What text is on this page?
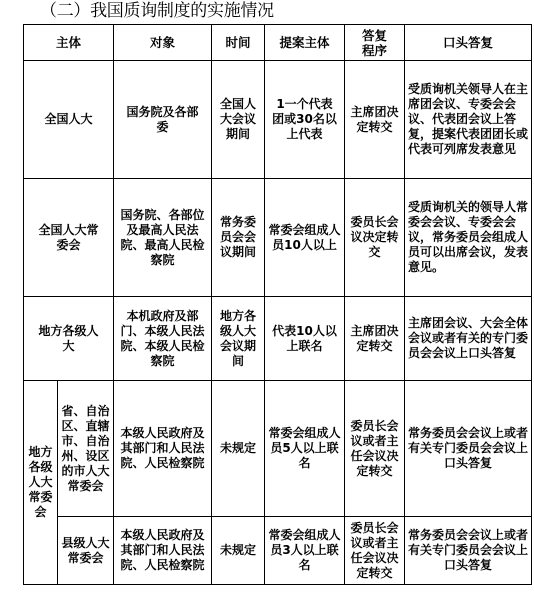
（二）我国质询制度的实施情况
主体		对象	时间	提案主体	答复程序	口头答复
全国人大		国务院及各部委	全国人大会议期间	1一个代表团或30名以上代表	主席团决定转交	受质询机关领导人在主席团会议、专委会会议、代表团会议上答复，提案代表团团长或代表可列席发表意见
全国人大常委会		国务院、各部位及最高人民法院、最高人民检察院	常务委员会会议期间	常委会组成人员10人以上	委员长会议决定转交	受质询机关的领导人常委会会议、专委会会议，常务委员会组成人员可以出席会议，发表意见。
地方各级人大		本机政府及部门、本级人民法院、本级人民检察院	地方各级人大会议期间	代表10人以上联名	主席团决定转交	主席团会议、大会全体会议或者有关的专门委员会会议上口头答复
地方各级人大常委会	省、自治区、直辖市、自治州、设区的市人大常委会	本级人民政府及其部门和人民法院、人民检察院	未规定	常委会组成人员5人以上联名	委员长会议或者主任会议决定转交	常务委员会会议上或者有关专门委员会会议上口头答复
	县级人大常委会	本级人民政府及其部门和人民法院、人民检察院	未规定	常委会组成人员3人以上联名	委员长会议或者主任会议决定转交	常务委员会会议上或者有关专门委员会会议上口头答复
